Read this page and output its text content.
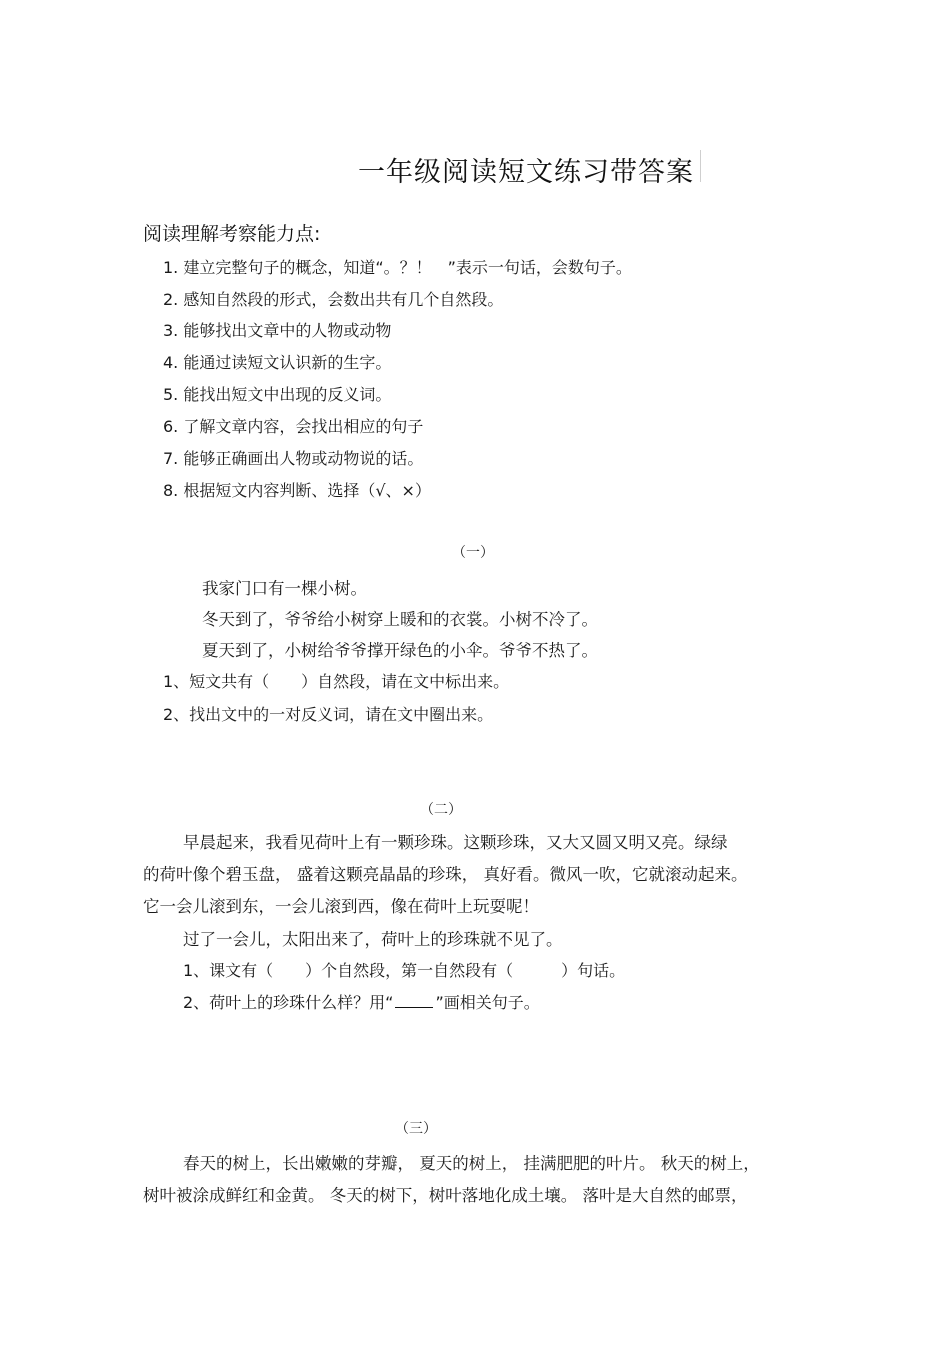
一年级阅读短文练习带答案
阅读理解考察能力点:
1. 建立完整句子的概念，知道“。？！　”表示一句话，会数句子。
2. 感知自然段的形式，会数出共有几个自然段。
3. 能够找出文章中的人物或动物
4. 能通过读短文认识新的生字。
5. 能找出短文中出现的反义词。
6. 了解文章内容，会找出相应的句子
7. 能够正确画出人物或动物说的话。
8. 根据短文内容判断、选择（√、×）
（一）
我家门口有一棵小树。
冬天到了，爷爷给小树穿上暖和的衣裳。小树不冷了。
夏天到了，小树给爷爷撑开绿色的小伞。爷爷不热了。
1、短文共有（　　）自然段，请在文中标出来。
2、找出文中的一对反义词，请在文中圈出来。
（二）
早晨起来，我看见荷叶上有一颗珍珠。这颗珍珠，又大又圆又明又亮。绿绿
的荷叶像个碧玉盘， 盛着这颗亮晶晶的珍珠， 真好看。微风一吹，它就滚动起来。
它一会儿滚到东，一会儿滚到西，像在荷叶上玩耍呢！
过了一会儿，太阳出来了，荷叶上的珍珠就不见了。
1、课文有（　　）个自然段，第一自然段有（　　　）句话。
2、荷叶上的珍珠什么样？用“	”画相关句子。
（三）
春天的树上，长出嫩嫩的芽瓣， 夏天的树上， 挂满肥肥的叶片。 秋天的树上，
树叶被涂成鲜红和金黄。 冬天的树下，树叶落地化成土壤。 落叶是大自然的邮票，
